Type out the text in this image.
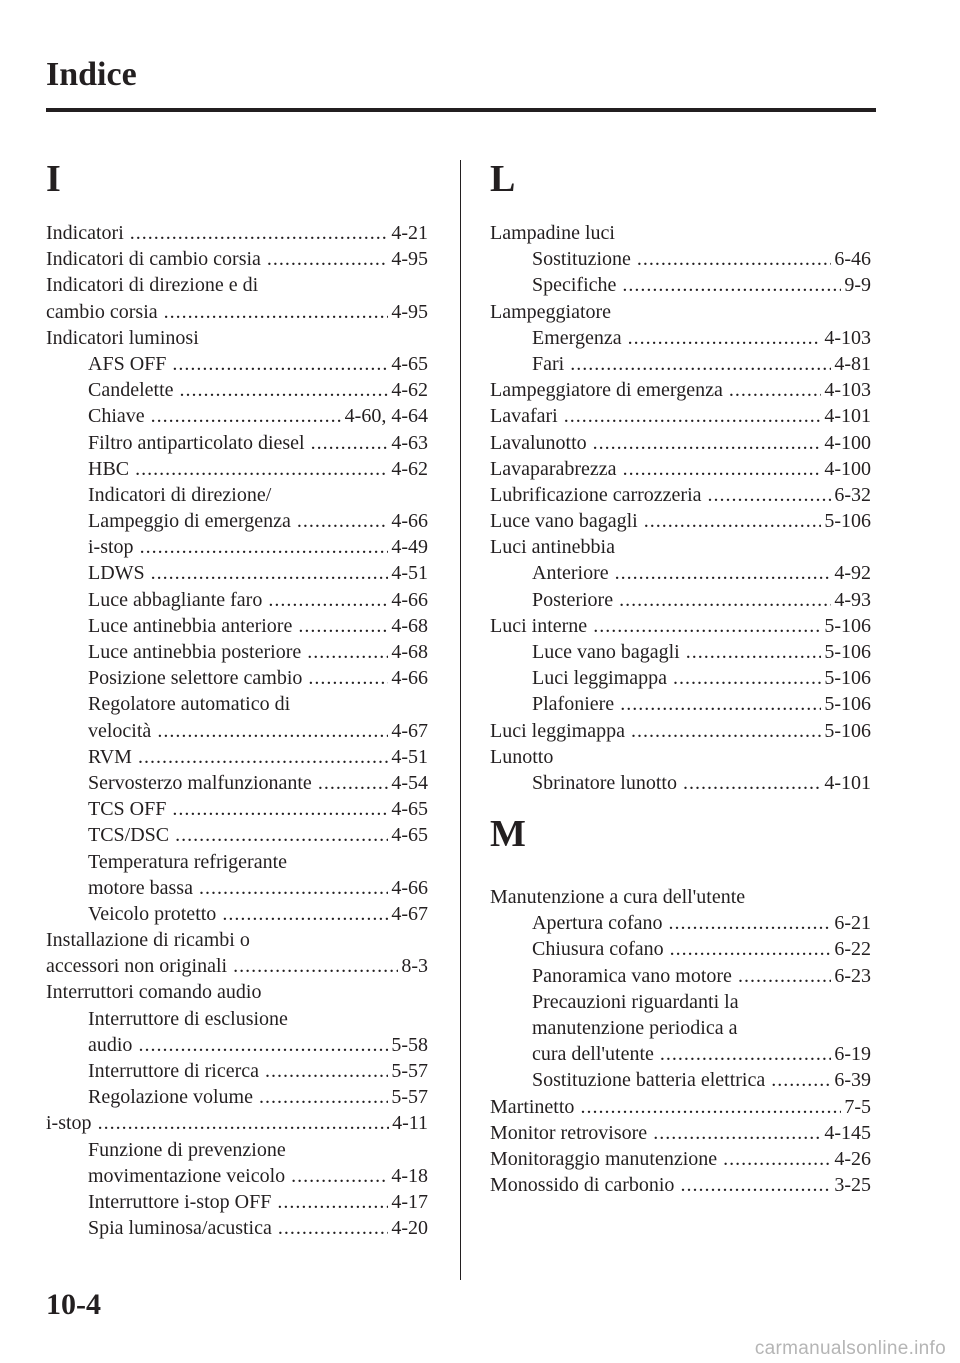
Indice
I
Indicatori .....	4-21
Indicatori di cambio corsia .....	4-95
Indicatori di direzione e di
cambio corsia .....	4-95
Indicatori luminosi
AFS OFF .....	4-65
Candelette .....	4-62
Chiave .....	4-60, 4-64
Filtro antiparticolato diesel .....	4-63
HBC .....	4-62
Indicatori di direzione/
Lampeggio di emergenza .....	4-66
i-stop .....	4-49
LDWS .....	4-51
Luce abbagliante faro .....	4-66
Luce antinebbia anteriore .....	4-68
Luce antinebbia posteriore .....	4-68
Posizione selettore cambio .....	4-66
Regolatore automatico di
velocità .....	4-67
RVM .....	4-51
Servosterzo malfunzionante .....	4-54
TCS OFF .....	4-65
TCS/DSC .....	4-65
Temperatura refrigerante
motore bassa .....	4-66
Veicolo protetto .....	4-67
Installazione di ricambi o
accessori non originali .....	8-3
Interruttori comando audio
Interruttore di esclusione
audio .....	5-58
Interruttore di ricerca .....	5-57
Regolazione volume .....	5-57
i-stop .....	4-11
Funzione di prevenzione
movimentazione veicolo .....	4-18
Interruttore i-stop OFF .....	4-17
Spia luminosa/acustica .....	4-20
L
Lampadine luci
Sostituzione .....	6-46
Specifiche .....	9-9
Lampeggiatore
Emergenza .....	4-103
Fari .....	4-81
Lampeggiatore di emergenza .....	4-103
Lavafari .....	4-101
Lavalunotto .....	4-100
Lavaparabrezza .....	4-100
Lubrificazione carrozzeria .....	6-32
Luce vano bagagli .....	5-106
Luci antinebbia
Anteriore .....	4-92
Posteriore .....	4-93
Luci interne .....	5-106
Luce vano bagagli .....	5-106
Luci leggimappa .....	5-106
Plafoniere .....	5-106
Luci leggimappa .....	5-106
Lunotto
Sbrinatore lunotto .....	4-101
M
Manutenzione a cura dell'utente
Apertura cofano .....	6-21
Chiusura cofano .....	6-22
Panoramica vano motore .....	6-23
Precauzioni riguardanti la
manutenzione periodica a
cura dell'utente .....	6-19
Sostituzione batteria elettrica .....	6-39
Martinetto .....	7-5
Monitor retrovisore .....	4-145
Monitoraggio manutenzione .....	4-26
Monossido di carbonio .....	3-25
10-4
carmanualsonline.info
